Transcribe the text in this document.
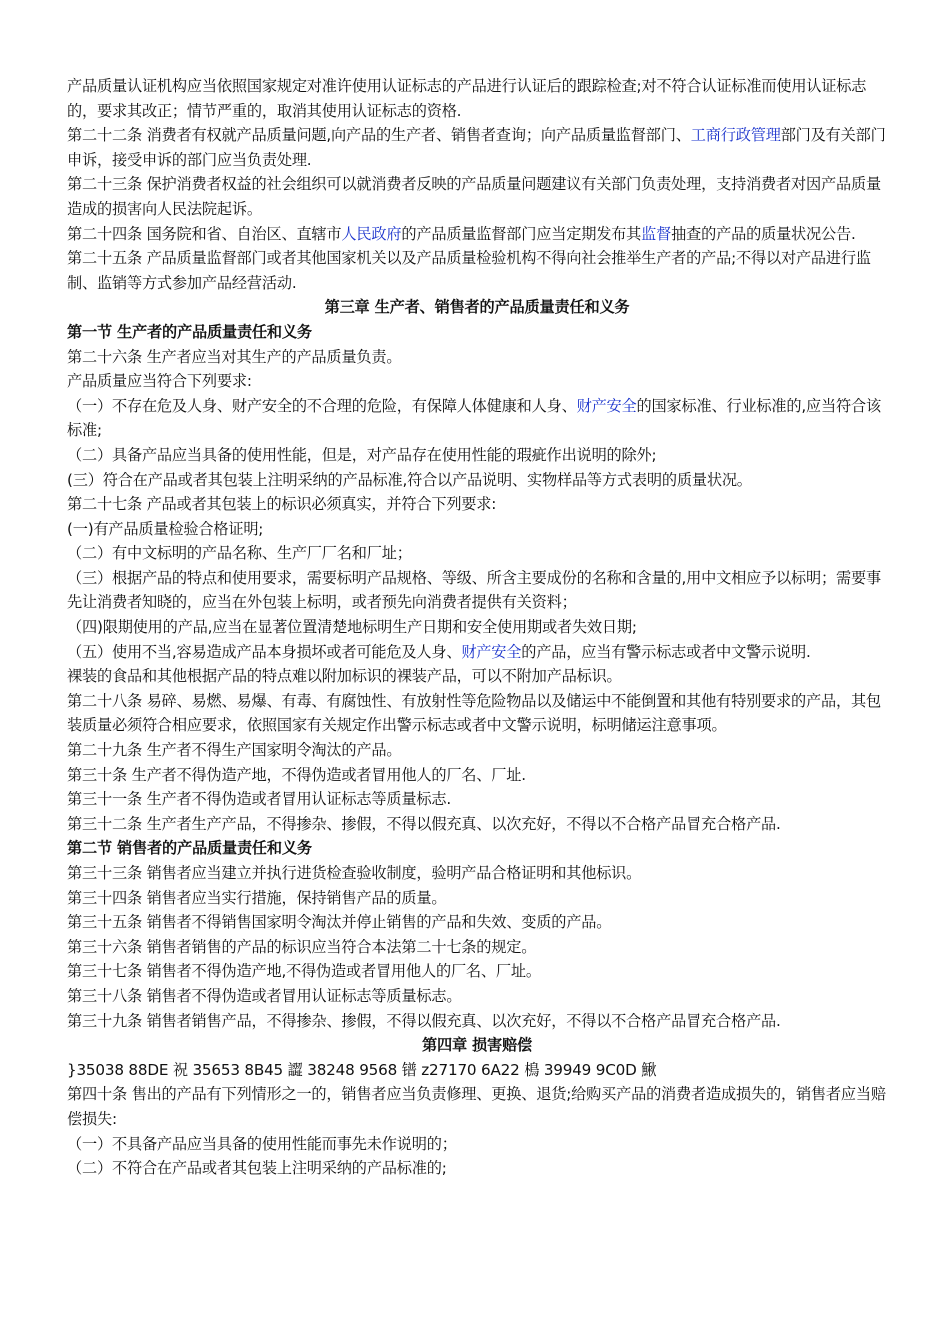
产品质量认证机构应当依照国家规定对准许使用认证标志的产品进行认证后的跟踪检查;对不符合认证标准而使用认证标志的，要求其改正；情节严重的，取消其使用认证标志的资格.

第二十二条 消费者有权就产品质量问题,向产品的生产者、销售者查询；向产品质量监督部门、工商行政管理部门及有关部门申诉，接受申诉的部门应当负责处理.

第二十三条 保护消费者权益的社会组织可以就消费者反映的产品质量问题建议有关部门负责处理，支持消费者对因产品质量造成的损害向人民法院起诉。

第二十四条 国务院和省、自治区、直辖市人民政府的产品质量监督部门应当定期发布其监督抽查的产品的质量状况公告.

第二十五条 产品质量监督部门或者其他国家机关以及产品质量检验机构不得向社会推举生产者的产品;不得以对产品进行监制、监销等方式参加产品经营活动.

第三章 生产者、销售者的产品质量责任和义务

第一节 生产者的产品质量责任和义务

第二十六条 生产者应当对其生产的产品质量负责。

产品质量应当符合下列要求:

（一）不存在危及人身、财产安全的不合理的危险，有保障人体健康和人身、财产安全的国家标准、行业标准的,应当符合该标准;

（二）具备产品应当具备的使用性能，但是，对产品存在使用性能的瑕疵作出说明的除外;

(三）符合在产品或者其包装上注明采纳的产品标准,符合以产品说明、实物样品等方式表明的质量状况。

第二十七条 产品或者其包装上的标识必须真实，并符合下列要求:

(一)有产品质量检验合格证明;

（二）有中文标明的产品名称、生产厂厂名和厂址；

（三）根据产品的特点和使用要求，需要标明产品规格、等级、所含主要成份的名称和含量的,用中文相应予以标明；需要事先让消费者知晓的，应当在外包装上标明，或者预先向消费者提供有关资料；

（四)限期使用的产品,应当在显著位置清楚地标明生产日期和安全使用期或者失效日期;

（五）使用不当,容易造成产品本身损坏或者可能危及人身、财产安全的产品，应当有警示标志或者中文警示说明.

裸装的食品和其他根据产品的特点难以附加标识的裸装产品，可以不附加产品标识。

第二十八条 易碎、易燃、易爆、有毒、有腐蚀性、有放射性等危险物品以及储运中不能倒置和其他有特别要求的产品，其包装质量必须符合相应要求，依照国家有关规定作出警示标志或者中文警示说明，标明储运注意事项。

第二十九条 生产者不得生产国家明令淘汰的产品。

第三十条 生产者不得伪造产地，不得伪造或者冒用他人的厂名、厂址.

第三十一条 生产者不得伪造或者冒用认证标志等质量标志.

第三十二条 生产者生产产品，不得掺杂、掺假，不得以假充真、以次充好，不得以不合格产品冒充合格产品.

第二节 销售者的产品质量责任和义务

第三十三条 销售者应当建立并执行进货检查验收制度，验明产品合格证明和其他标识。

第三十四条 销售者应当实行措施，保持销售产品的质量。

第三十五条 销售者不得销售国家明令淘汰并停止销售的产品和失效、变质的产品。

第三十六条 销售者销售的产品的标识应当符合本法第二十七条的规定。

第三十七条 销售者不得伪造产地,不得伪造或者冒用他人的厂名、厂址。

第三十八条 销售者不得伪造或者冒用认证标志等质量标志。

第三十九条 销售者销售产品，不得掺杂、掺假，不得以假充真、以次充好，不得以不合格产品冒充合格产品.

第四章 损害赔偿

}35038 88DE 祝 35653 8B45 譅 38248 9568 镨 z27170 6A22 樢 39949 9C0D 鰍

第四十条 售出的产品有下列情形之一的，销售者应当负责修理、更换、退货;给购买产品的消费者造成损失的，销售者应当赔偿损失:

（一）不具备产品应当具备的使用性能而事先未作说明的；

（二）不符合在产品或者其包装上注明采纳的产品标准的;
